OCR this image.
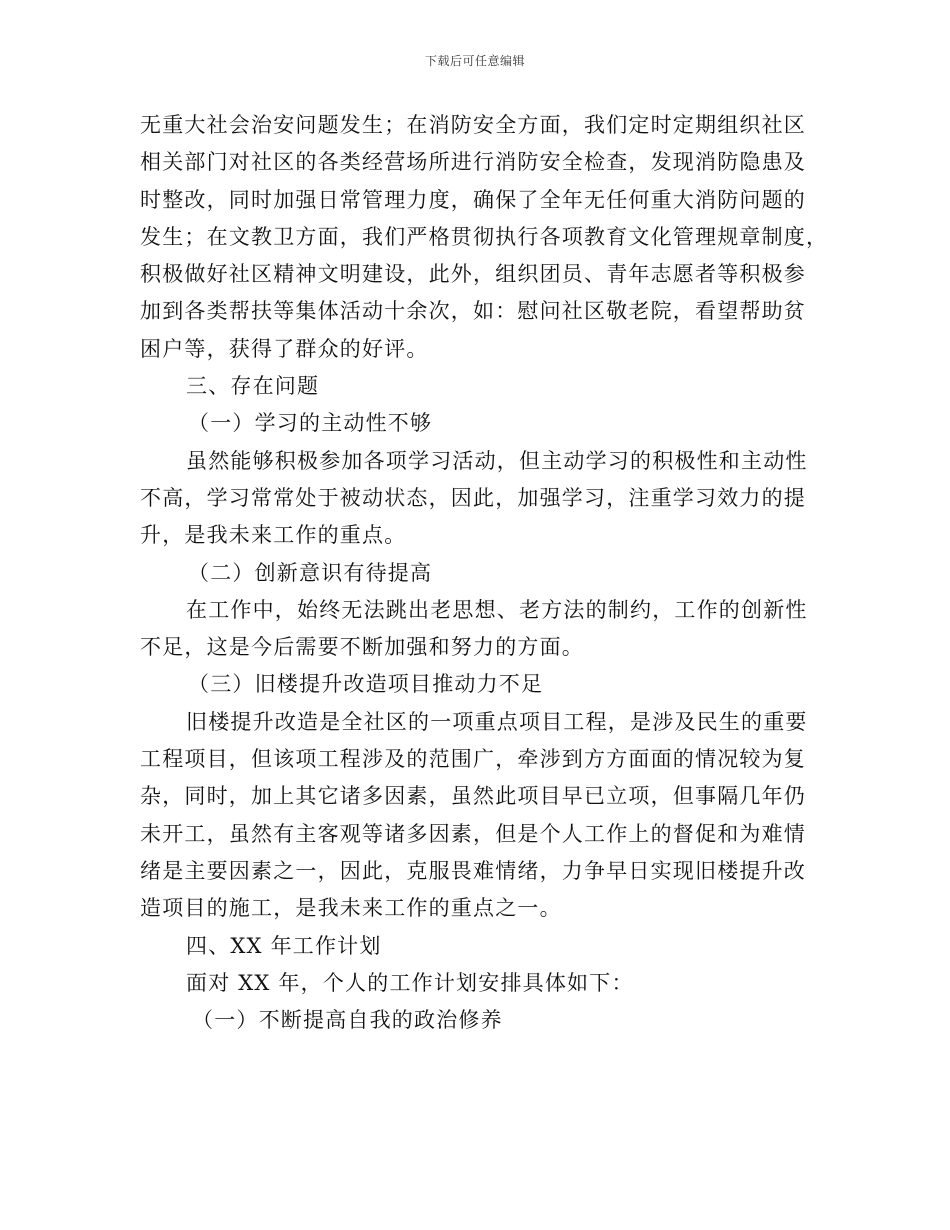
下载后可任意编辑
无重大社会治安问题发生；在消防安全方面，我们定时定期组织社区
相关部门对社区的各类经营场所进行消防安全检查，发现消防隐患及
时整改，同时加强日常管理力度，确保了全年无任何重大消防问题的
发生；在文教卫方面，我们严格贯彻执行各项教育文化管理规章制度，
积极做好社区精神文明建设，此外，组织团员、青年志愿者等积极参
加到各类帮扶等集体活动十余次，如：慰问社区敬老院，看望帮助贫
困户等，获得了群众的好评。
三、存在问题
（一）学习的主动性不够
虽然能够积极参加各项学习活动，但主动学习的积极性和主动性
不高，学习常常处于被动状态，因此，加强学习，注重学习效力的提
升，是我未来工作的重点。
（二）创新意识有待提高
在工作中，始终无法跳出老思想、老方法的制约，工作的创新性
不足，这是今后需要不断加强和努力的方面。
（三）旧楼提升改造项目推动力不足
旧楼提升改造是全社区的一项重点项目工程，是涉及民生的重要
工程项目，但该项工程涉及的范围广，牵涉到方方面面的情况较为复
杂，同时，加上其它诸多因素，虽然此项目早已立项，但事隔几年仍
未开工，虽然有主客观等诸多因素，但是个人工作上的督促和为难情
绪是主要因素之一，因此，克服畏难情绪，力争早日实现旧楼提升改
造项目的施工，是我未来工作的重点之一。
四、XX 年工作计划
面对 XX 年，个人的工作计划安排具体如下：
（一）不断提高自我的政治修养
